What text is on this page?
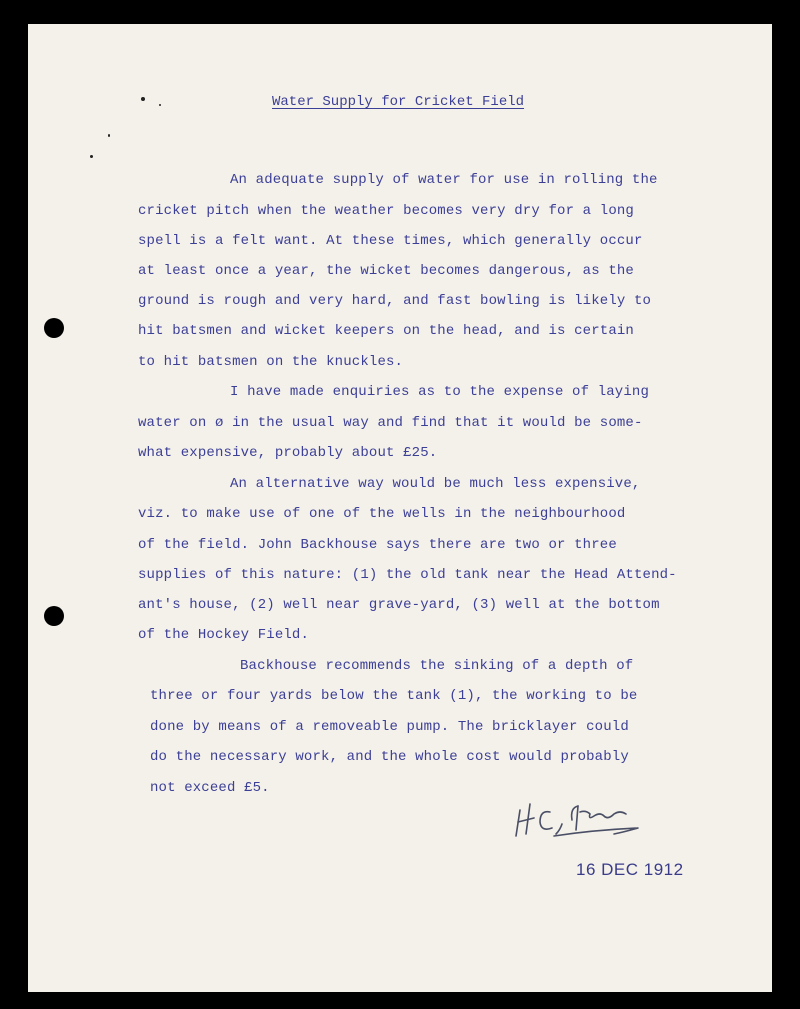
Water Supply for Cricket Field
An adequate supply of water for use in rolling the
cricket pitch when the weather becomes very dry for a long
spell is a felt want. At these times, which generally occur
at least once a year, the wicket becomes dangerous, as the
ground is rough and very hard, and fast bowling is likely to
hit batsmen and wicket keepers on the head, and is certain
to hit batsmen on the knuckles.
I have made enquiries as to the expense of laying
water on ø in the usual way and find that it would be some-
what expensive, probably about £25.
An alternative way would be much less expensive,
viz. to make use of one of the wells in the neighbourhood
of the field. John Backhouse says there are two or three
supplies of this nature: (1) the old tank near the Head Attend-
ant's house, (2) well near grave-yard, (3) well at the bottom
of the Hockey Field.
Backhouse recommends the sinking of a depth of
three or four yards below the tank (1), the working to be
done by means of a removeable pump. The bricklayer could
do the necessary work, and the whole cost would probably
not exceed £5.
16 DEC 1912
